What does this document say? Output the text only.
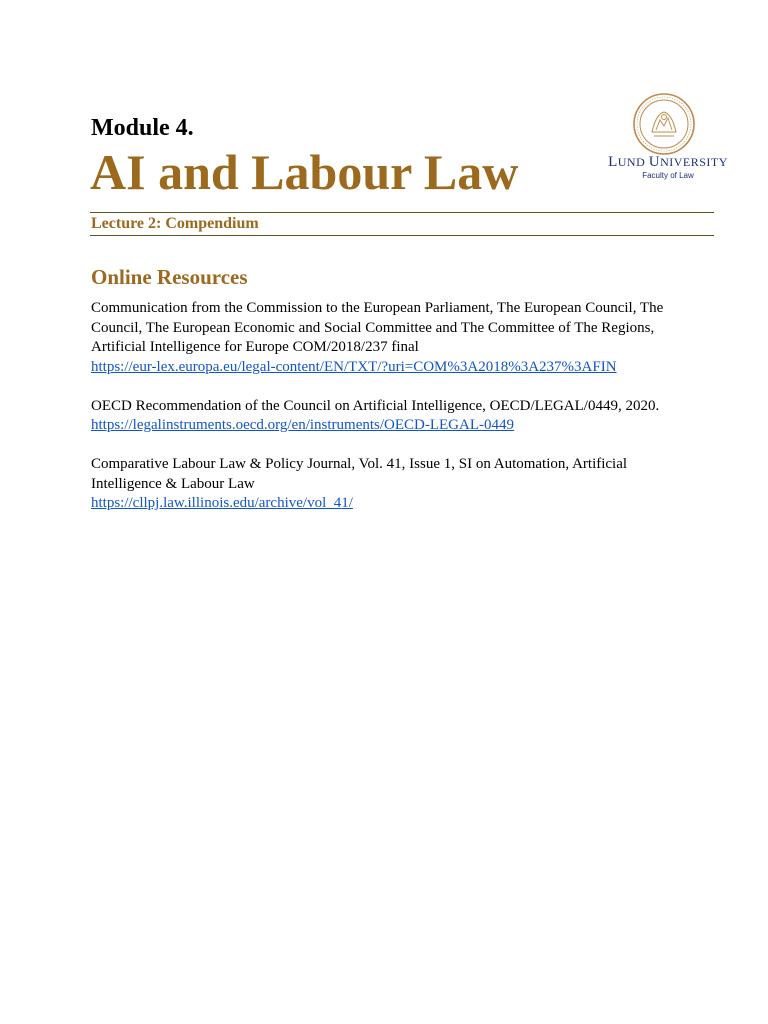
Module 4.
AI and Labour Law	LUND UNIVERSITY
Faculty of Law
Lecture 2: Compendium
Online Resources
Communication from the Commission to the European Parliament, The European Council, The Council, The European Economic and Social Committee and The Committee of The Regions, Artificial Intelligence for Europe COM/2018/237 final
https://eur-lex.europa.eu/legal-content/EN/TXT/?uri=COM%3A2018%3A237%3AFIN
OECD Recommendation of the Council on Artificial Intelligence, OECD/LEGAL/0449, 2020.
https://legalinstruments.oecd.org/en/instruments/OECD-LEGAL-0449
Comparative Labour Law & Policy Journal, Vol. 41, Issue 1, SI on Automation, Artificial Intelligence & Labour Law
https://cllpj.law.illinois.edu/archive/vol_41/
